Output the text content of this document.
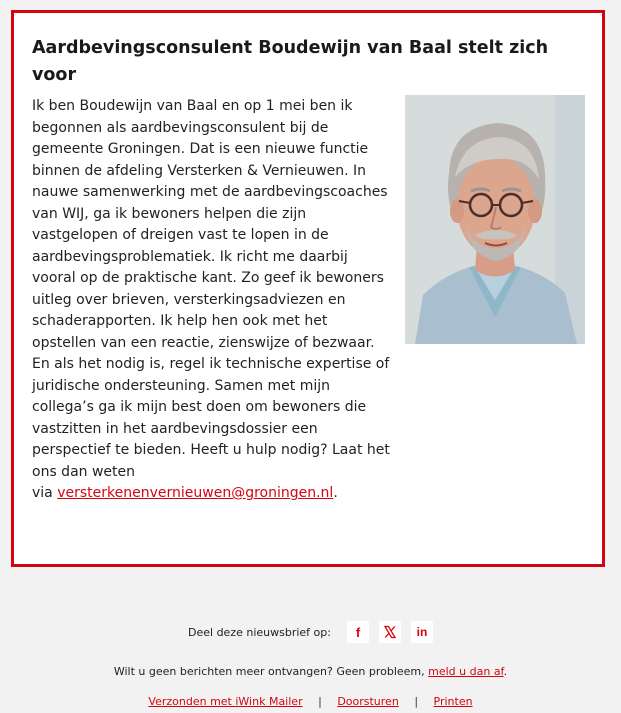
Aardbevingsconsulent Boudewijn van Baal stelt zich voor
Ik ben Boudewijn van Baal en op 1 mei ben ik begonnen als aardbevingsconsulent bij de gemeente Groningen. Dat is een nieuwe functie binnen de afdeling Versterken & Vernieuwen. In nauwe samenwerking met de aardbevingscoaches van WIJ, ga ik bewoners helpen die zijn vastgelopen of dreigen vast te lopen in de aardbevingsproblematiek. Ik richt me daarbij vooral op de praktische kant. Zo geef ik bewoners uitleg over brieven, versterkingsadviezen en schaderapporten. Ik help hen ook met het opstellen van een reactie, zienswijze of bezwaar. En als het nodig is, regel ik technische expertise of juridische ondersteuning. Samen met mijn collega’s ga ik mijn best doen om bewoners die vastzitten in het aardbevingsdossier een perspectief te bieden. Heeft u hulp nodig? Laat het ons dan weten
via versterkenenvernieuwen@groningen.nl.
Deel deze nieuwsbrief op: f	in
Wilt u geen berichten meer ontvangen? Geen probleem, meld u dan af.
Verzonden met iWink Mailer | Doorsturen | Printen
